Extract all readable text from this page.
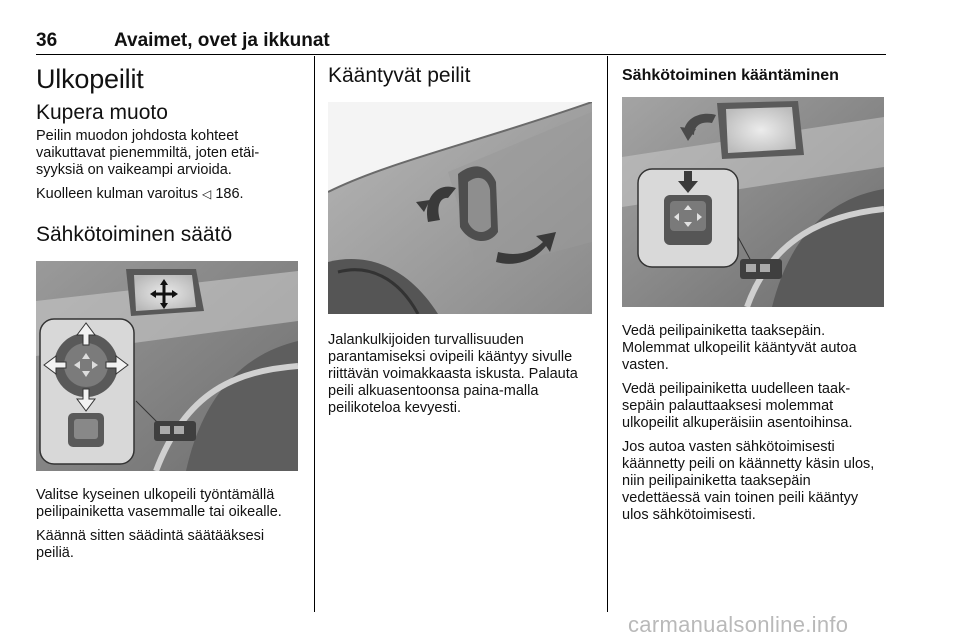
36	Avaimet, ovet ja ikkunat
Ulkopeilit
Kupera muoto

Peilin muodon johdosta kohteet vaikuttavat pienemmiltä, joten etäi-syyksiä on vaikeampi arvioida.

Kuolleen kulman varoitus ◁ 186.

Sähkötoiminen säätö

Valitse kyseinen ulkopeili työntämällä peilipainiketta vasemmalle tai oikealle.

Käännä sitten säädintä säätääksesi peiliä.

Kääntyvät peilit

Jalankulkijoiden turvallisuuden parantamiseksi ovipeili kääntyy sivulle riittävän voimakkaasta iskusta. Palauta peili alkuasentoonsa paina-malla peilikoteloa kevyesti.

Sähkötoiminen kääntäminen

Vedä peilipainiketta taaksepäin. Molemmat ulkopeilit kääntyvät autoa vasten.

Vedä peilipainiketta uudelleen taak-sepäin palauttaaksesi molemmat ulkopeilit alkuperäisiin asentoihinsa.

Jos autoa vasten sähkötoimisesti käännetty peili on käännetty käsin ulos, niin peilipainiketta taaksepäin vedettäessä vain toinen peili kääntyy ulos sähkötoimisesti.

carmanualsonline.info
